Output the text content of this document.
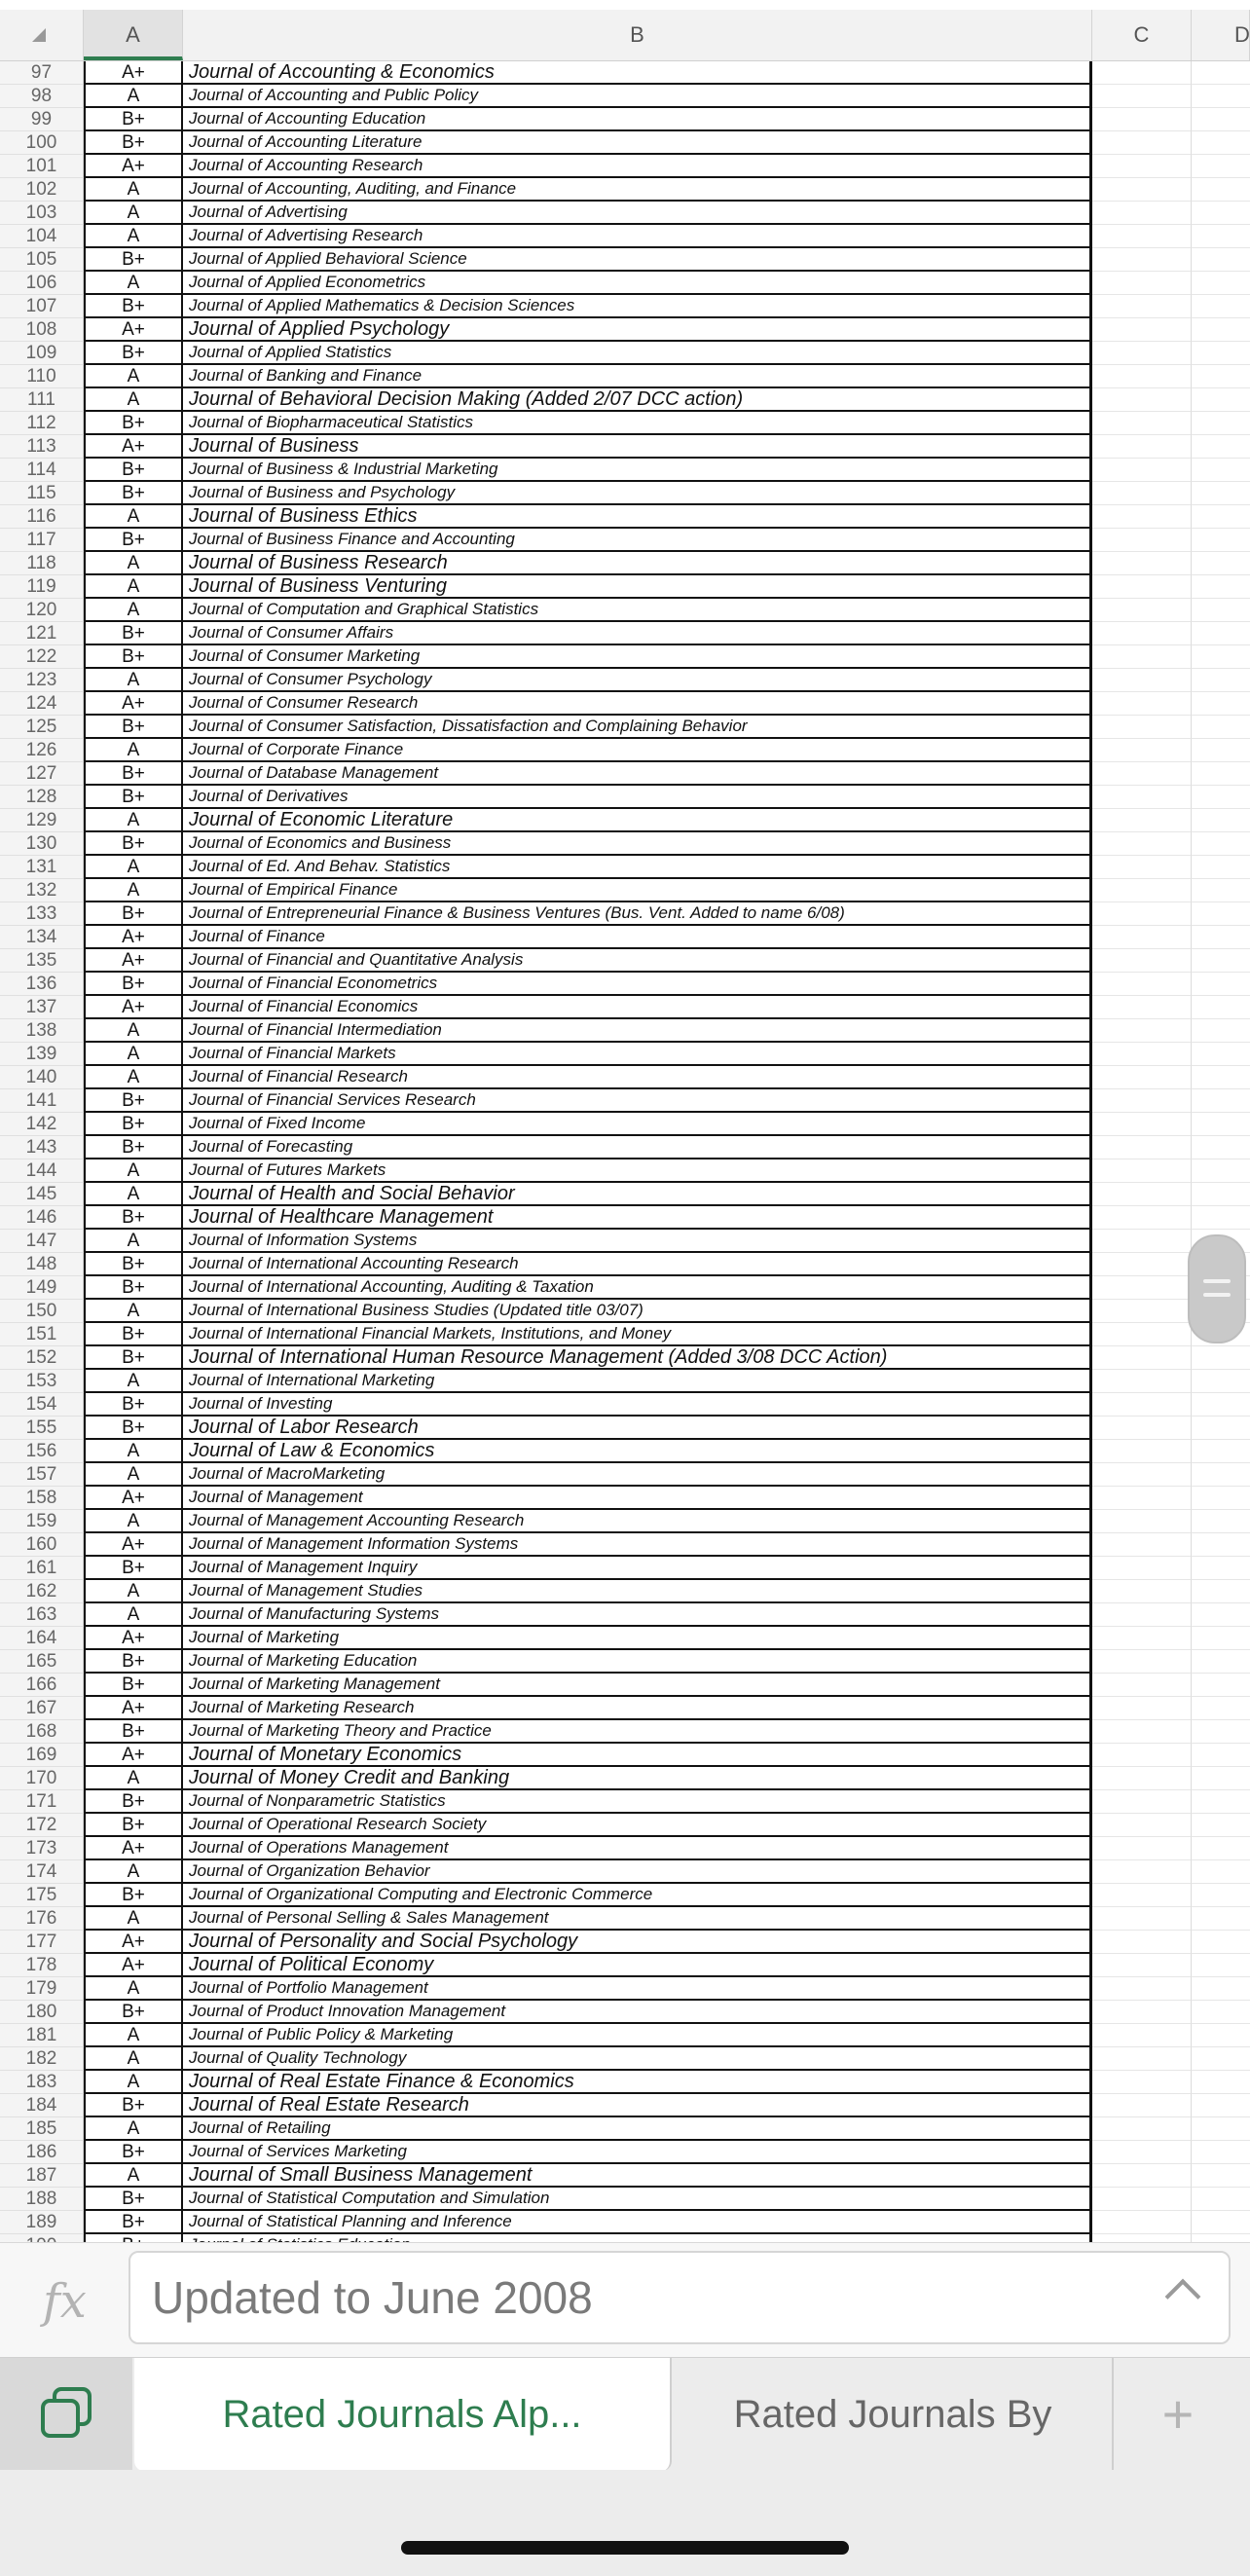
A	B	C	D
97	A+	Journal of Accounting & Economics
98	A	Journal of Accounting and Public Policy
99	B+	Journal of Accounting Education
100	B+	Journal of Accounting Literature
101	A+	Journal of Accounting Research
102	A	Journal of Accounting, Auditing, and Finance
103	A	Journal of Advertising
104	A	Journal of Advertising Research
105	B+	Journal of Applied Behavioral Science
106	A	Journal of Applied Econometrics
107	B+	Journal of Applied Mathematics & Decision Sciences
108	A+	Journal of Applied Psychology
109	B+	Journal of Applied Statistics
110	A	Journal of Banking and Finance
111	A	Journal of Behavioral Decision Making (Added 2/07 DCC action)
112	B+	Journal of Biopharmaceutical Statistics
113	A+	Journal of Business
114	B+	Journal of Business & Industrial Marketing
115	B+	Journal of Business and Psychology
116	A	Journal of Business Ethics
117	B+	Journal of Business Finance and Accounting
118	A	Journal of Business Research
119	A	Journal of Business Venturing
120	A	Journal of Computation and Graphical Statistics
121	B+	Journal of Consumer Affairs
122	B+	Journal of Consumer Marketing
123	A	Journal of Consumer Psychology
124	A+	Journal of Consumer Research
125	B+	Journal of Consumer Satisfaction, Dissatisfaction and Complaining Behavior
126	A	Journal of Corporate Finance
127	B+	Journal of Database Management
128	B+	Journal of Derivatives
129	A	Journal of Economic Literature
130	B+	Journal of Economics and Business
131	A	Journal of Ed. And Behav. Statistics
132	A	Journal of Empirical Finance
133	B+	Journal of Entrepreneurial Finance & Business Ventures (Bus. Vent. Added to name 6/08)
134	A+	Journal of Finance
135	A+	Journal of Financial and Quantitative Analysis
136	B+	Journal of Financial Econometrics
137	A+	Journal of Financial Economics
138	A	Journal of Financial Intermediation
139	A	Journal of Financial Markets
140	A	Journal of Financial Research
141	B+	Journal of Financial Services Research
142	B+	Journal of Fixed Income
143	B+	Journal of Forecasting
144	A	Journal of Futures Markets
145	A	Journal of Health and Social Behavior
146	B+	Journal of Healthcare Management
147	A	Journal of Information Systems
148	B+	Journal of International Accounting Research
149	B+	Journal of International Accounting, Auditing & Taxation
150	A	Journal of International Business Studies (Updated title 03/07)
151	B+	Journal of International Financial Markets, Institutions, and Money
152	B+	Journal of International Human Resource Management (Added 3/08 DCC Action)
153	A	Journal of International Marketing
154	B+	Journal of Investing
155	B+	Journal of Labor Research
156	A	Journal of Law & Economics
157	A	Journal of MacroMarketing
158	A+	Journal of Management
159	A	Journal of Management Accounting Research
160	A+	Journal of Management Information Systems
161	B+	Journal of Management Inquiry
162	A	Journal of Management Studies
163	A	Journal of Manufacturing Systems
164	A+	Journal of Marketing
165	B+	Journal of Marketing Education
166	B+	Journal of Marketing Management
167	A+	Journal of Marketing Research
168	B+	Journal of Marketing Theory and Practice
169	A+	Journal of Monetary Economics
170	A	Journal of Money Credit and Banking
171	B+	Journal of Nonparametric Statistics
172	B+	Journal of Operational Research Society
173	A+	Journal of Operations Management
174	A	Journal of Organization Behavior
175	B+	Journal of Organizational Computing and Electronic Commerce
176	A	Journal of Personal Selling & Sales Management
177	A+	Journal of Personality and Social Psychology
178	A+	Journal of Political Economy
179	A	Journal of Portfolio Management
180	B+	Journal of Product Innovation Management
181	A	Journal of Public Policy & Marketing
182	A	Journal of Quality Technology
183	A	Journal of Real Estate Finance & Economics
184	B+	Journal of Real Estate Research
185	A	Journal of Retailing
186	B+	Journal of Services Marketing
187	A	Journal of Small Business Management
188	B+	Journal of Statistical Computation and Simulation
189	B+	Journal of Statistical Planning and Inference
fx Updated to June 2008
Rated Journals Alp...	Rated Journals By	+
